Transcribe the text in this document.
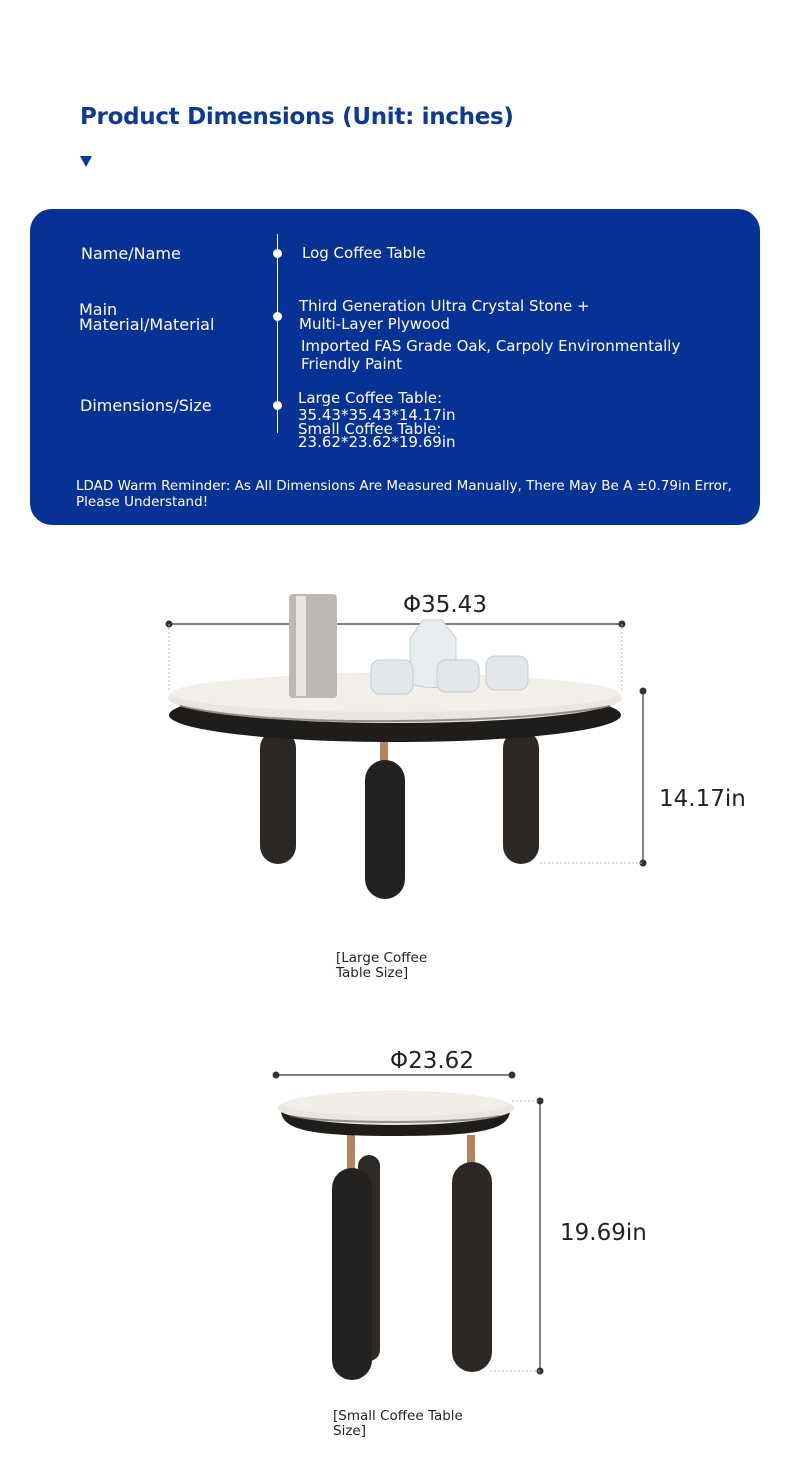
Product Dimensions (Unit: inches)
Name/Name	Log Coffee Table
Main
Material/Material
Third Generation Ultra Crystal Stone +
Multi-Layer Plywood
Imported FAS Grade Oak, Carpoly Environmentally
Friendly Paint
Dimensions/Size	Large Coffee Table:
35.43*35.43*14.17in
Small Coffee Table:
23.62*23.62*19.69in
LDAD Warm Reminder: As All Dimensions Are Measured Manually, There May Be A ±0.79in Error,
Please Understand!
Φ35.43
14.17in
[Large Coffee
Table Size]
Φ23.62
19.69in
[Small Coffee Table
Size]
